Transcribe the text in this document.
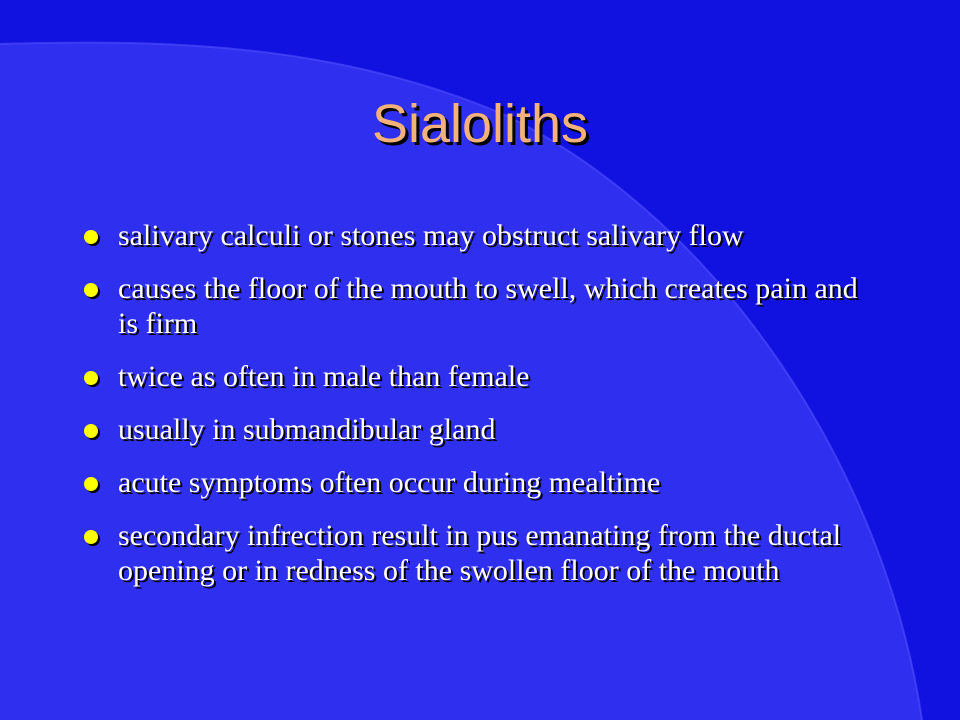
Sialoliths
salivary calculi or stones may obstruct salivary flow
causes the floor of the mouth to swell, which creates pain and is firm
twice as often in male than female
usually in submandibular gland
acute symptoms often occur during mealtime
secondary infrection result in pus emanating from the ductal opening or in redness of the swollen floor of the mouth
